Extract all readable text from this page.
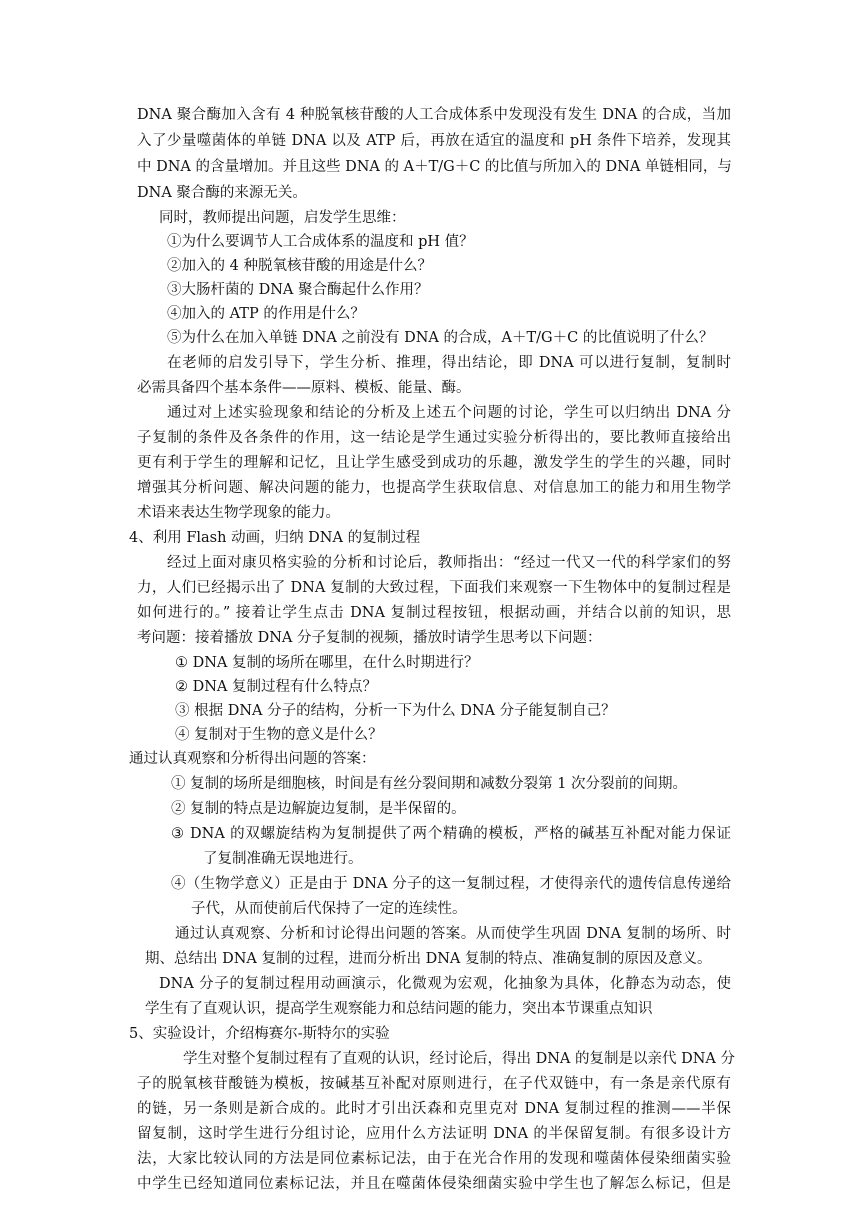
DNA 聚合酶加入含有 4 种脱氧核苷酸的人工合成体系中发现没有发生 DNA 的合成，当加
入了少量噬菌体的单链 DNA 以及 ATP 后，再放在适宜的温度和 pH 条件下培养，发现其
中 DNA 的含量增加。并且这些 DNA 的 A＋T/G＋C 的比值与所加入的 DNA 单链相同，与
DNA 聚合酶的来源无关。
同时，教师提出问题，启发学生思维：
①为什么要调节人工合成体系的温度和 pH 值？
②加入的 4 种脱氧核苷酸的用途是什么？
③大肠杆菌的 DNA 聚合酶起什么作用？
④加入的 ATP 的作用是什么？
⑤为什么在加入单链 DNA 之前没有 DNA 的合成，A＋T/G＋C 的比值说明了什么？
在老师的启发引导下，学生分析、推理，得出结论，即 DNA 可以进行复制，复制时
必需具备四个基本条件——原料、模板、能量、酶。
通过对上述实验现象和结论的分析及上述五个问题的讨论，学生可以归纳出 DNA 分
子复制的条件及各条件的作用，这一结论是学生通过实验分析得出的，要比教师直接给出
更有利于学生的理解和记忆，且让学生感受到成功的乐趣，激发学生的学生的兴趣，同时
增强其分析问题、解决问题的能力，也提高学生获取信息、对信息加工的能力和用生物学
术语来表达生物学现象的能力。
4、利用 Flash 动画，归纳 DNA 的复制过程
经过上面对康贝格实验的分析和讨论后，教师指出：“经过一代又一代的科学家们的努
力，人们已经揭示出了 DNA 复制的大致过程，下面我们来观察一下生物体中的复制过程是
如何进行的。” 接着让学生点击 DNA 复制过程按钮，根据动画，并结合以前的知识，思
考问题：接着播放 DNA 分子复制的视频，播放时请学生思考以下问题：
① DNA 复制的场所在哪里，在什么时期进行？
② DNA 复制过程有什么特点？
③ 根据 DNA 分子的结构，分析一下为什么 DNA 分子能复制自己？
④ 复制对于生物的意义是什么？
通过认真观察和分析得出问题的答案：
① 复制的场所是细胞核，时间是有丝分裂间期和减数分裂第 1 次分裂前的间期。
② 复制的特点是边解旋边复制，是半保留的。
③ DNA 的双螺旋结构为复制提供了两个精确的模板，严格的碱基互补配对能力保证
了复制准确无误地进行。
④（生物学意义）正是由于 DNA 分子的这一复制过程，才使得亲代的遗传信息传递给
子代，从而使前后代保持了一定的连续性。
通过认真观察、分析和讨论得出问题的答案。从而使学生巩固 DNA 复制的场所、时
期、总结出 DNA 复制的过程，进而分析出 DNA 复制的特点、准确复制的原因及意义。
DNA 分子的复制过程用动画演示，化微观为宏观，化抽象为具体，化静态为动态，使
学生有了直观认识，提高学生观察能力和总结问题的能力，突出本节课重点知识
5、实验设计，介绍梅赛尔-斯特尔的实验
学生对整个复制过程有了直观的认识，经讨论后，得出 DNA 的复制是以亲代 DNA 分
子的脱氧核苷酸链为模板，按碱基互补配对原则进行，在子代双链中，有一条是亲代原有
的链，另一条则是新合成的。此时才引出沃森和克里克对 DNA 复制过程的推测——半保
留复制，这时学生进行分组讨论，应用什么方法证明 DNA 的半保留复制。有很多设计方
法，大家比较认同的方法是同位素标记法，由于在光合作用的发现和噬菌体侵染细菌实验
中学生已经知道同位素标记法，并且在噬菌体侵染细菌实验中学生也了解怎么标记，但是
